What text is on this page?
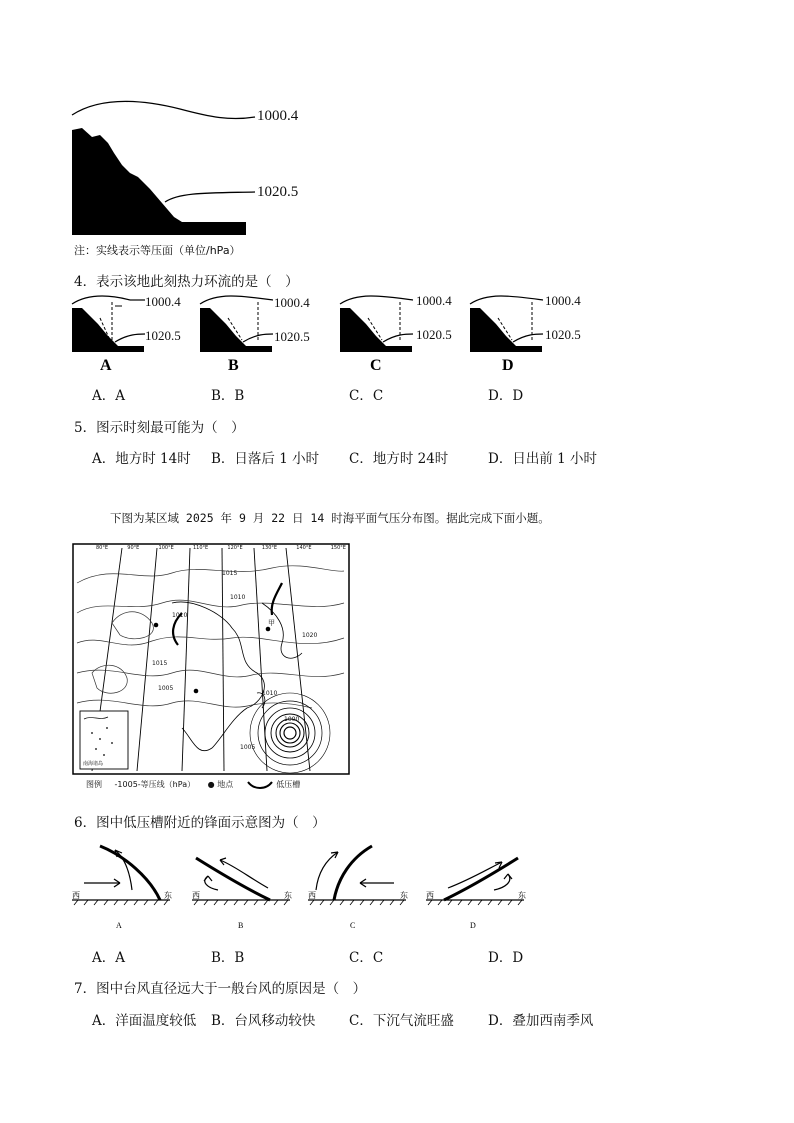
1000.4
1020.5
注：实线表示等压面（单位/hPa）
4．表示该地此刻热力环流的是（　）
A	B	C	D
1000.4
1020.5
1000.4
1020.5
1000.4
1020.5
1000.4
1020.5
A．A	B．B	C．C	D．D
5．图示时刻最可能为（　）
A．地方时 14时 B．日落后 1 小时 C．地方时 24时	D．日出前 1 小时
下图为某区域 2025 年 9 月 22 日 14 时海平面气压分布图。据此完成下面小题。
80°E	90°E	100°E	110°E	120°E	130°E	140°E	150°E
1015
1010
1010
1015
1005
1020
1005
1010
1000
甲
南海诸岛
图例 -1005-等压线（hPa） ● 地点	低压槽
6．图中低压槽附近的锋面示意图为（　）
西	东
A
西	东
B
西	东
C
西	东
D
A．A	B．B	C．C	D．D
7．图中台风直径远大于一般台风的原因是（　）
A．洋面温度较低 B．台风移动较快 C．下沉气流旺盛	D．叠加西南季风
